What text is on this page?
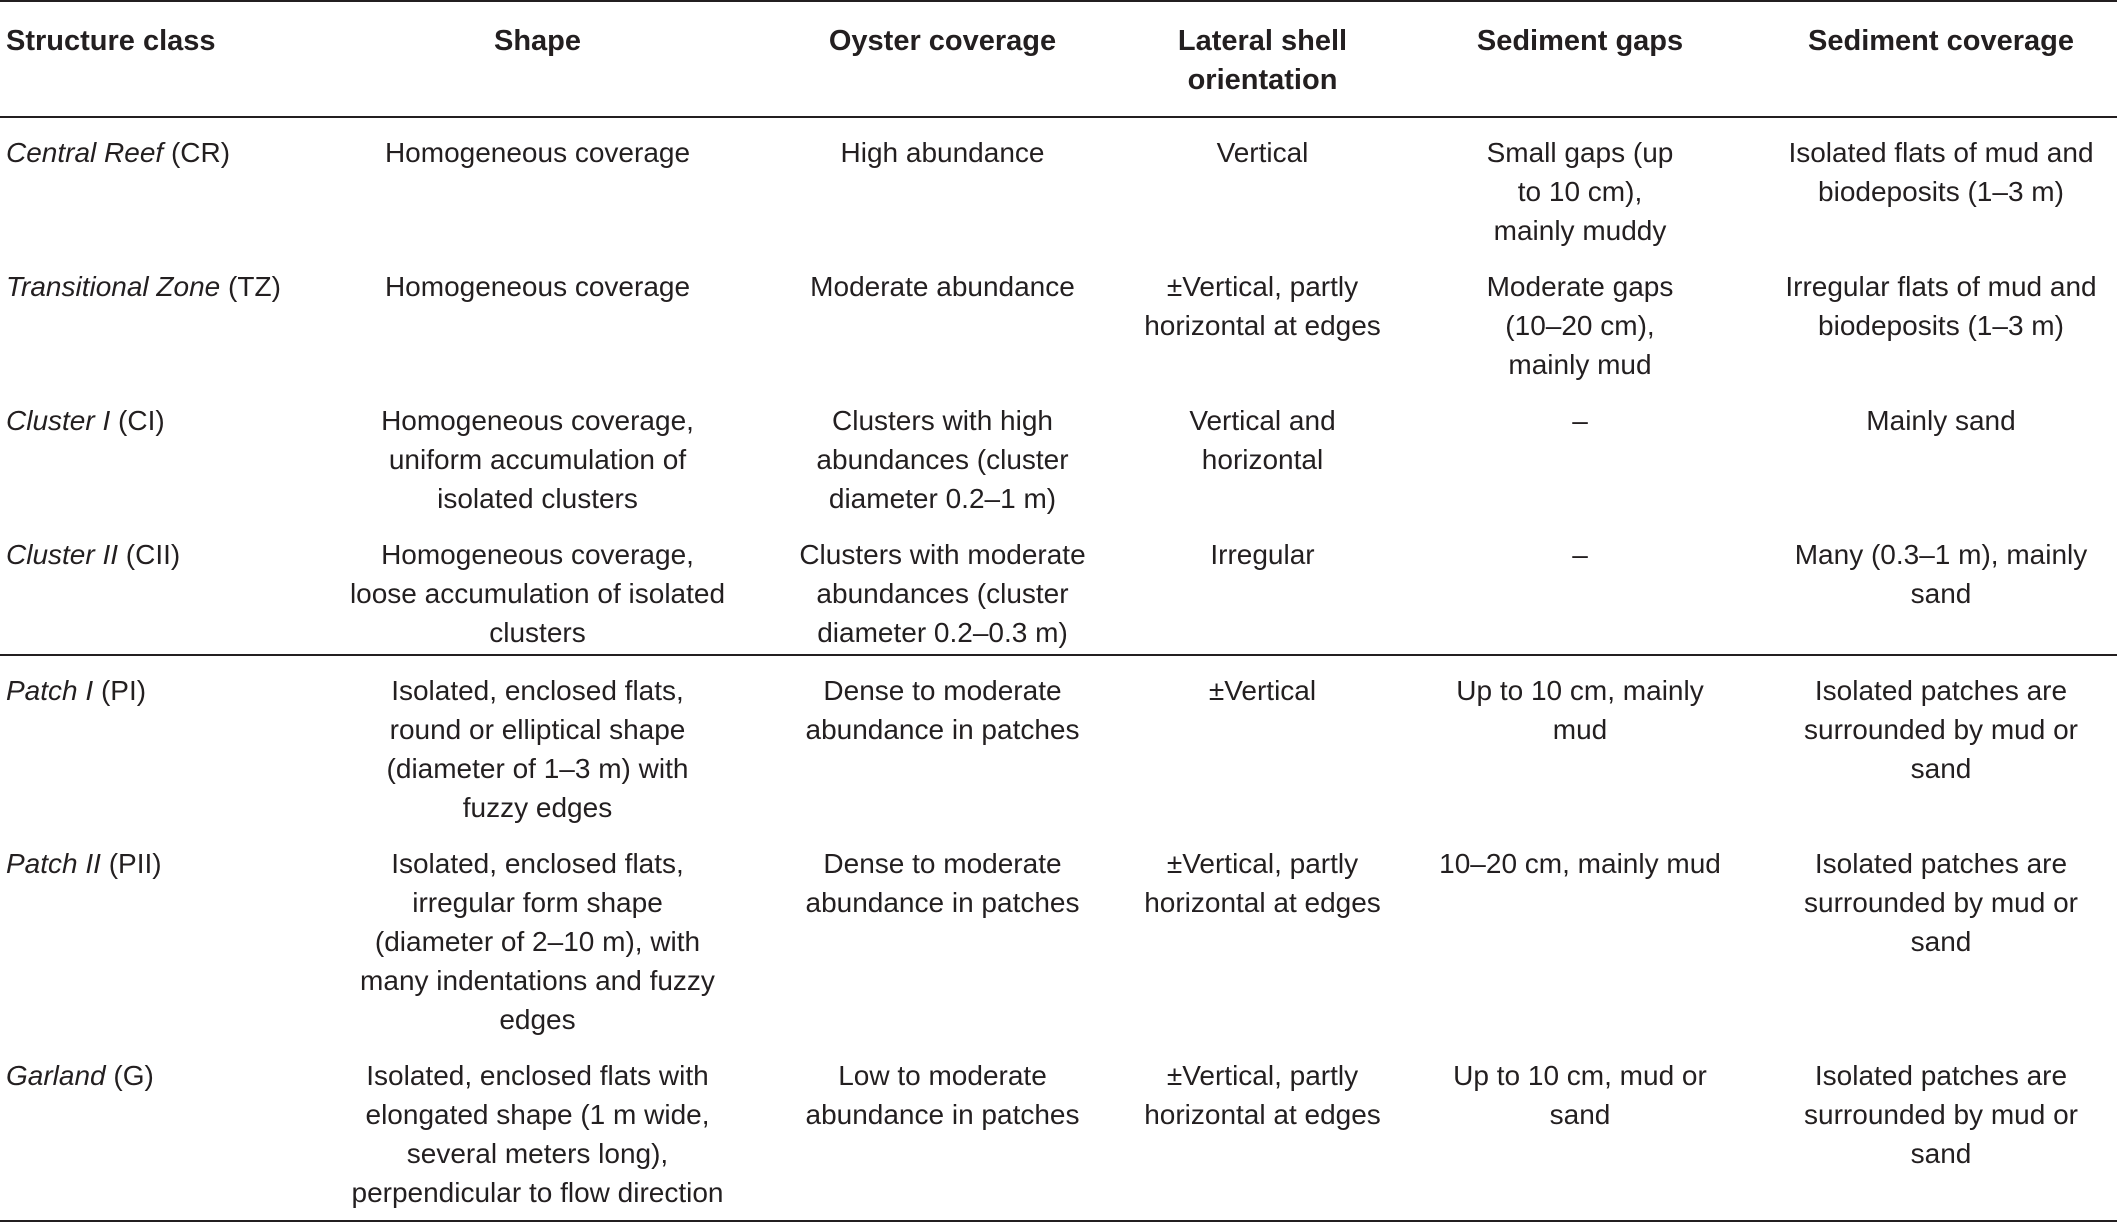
Structure class	Shape	Oyster coverage	Lateral shell orientation	Sediment gaps	Sediment coverage
Central Reef (CR)	Homogeneous coverage	High abundance	Vertical	Small gaps (up to 10 cm), mainly muddy	Isolated flats of mud and biodeposits (1–3 m)
Transitional Zone (TZ)	Homogeneous coverage	Moderate abundance	±Vertical, partly horizontal at edges	Moderate gaps (10–20 cm), mainly mud	Irregular flats of mud and biodeposits (1–3 m)
Cluster I (CI)	Homogeneous coverage, uniform accumulation of isolated clusters	Clusters with high abundances (cluster diameter 0.2–1 m)	Vertical and horizontal	–	Mainly sand
Cluster II (CII)	Homogeneous coverage, loose accumulation of isolated clusters	Clusters with moderate abundances (cluster diameter 0.2–0.3 m)	Irregular	–	Many (0.3–1 m), mainly sand
Patch I (PI)	Isolated, enclosed flats, round or elliptical shape (diameter of 1–3 m) with fuzzy edges	Dense to moderate abundance in patches	±Vertical	Up to 10 cm, mainly mud	Isolated patches are surrounded by mud or sand
Patch II (PII)	Isolated, enclosed flats, irregular form shape (diameter of 2–10 m), with many indentations and fuzzy edges	Dense to moderate abundance in patches	±Vertical, partly horizontal at edges	10–20 cm, mainly mud	Isolated patches are surrounded by mud or sand
Garland (G)	Isolated, enclosed flats with elongated shape (1 m wide, several meters long), perpendicular to flow direction	Low to moderate abundance in patches	±Vertical, partly horizontal at edges	Up to 10 cm, mud or sand	Isolated patches are surrounded by mud or sand
